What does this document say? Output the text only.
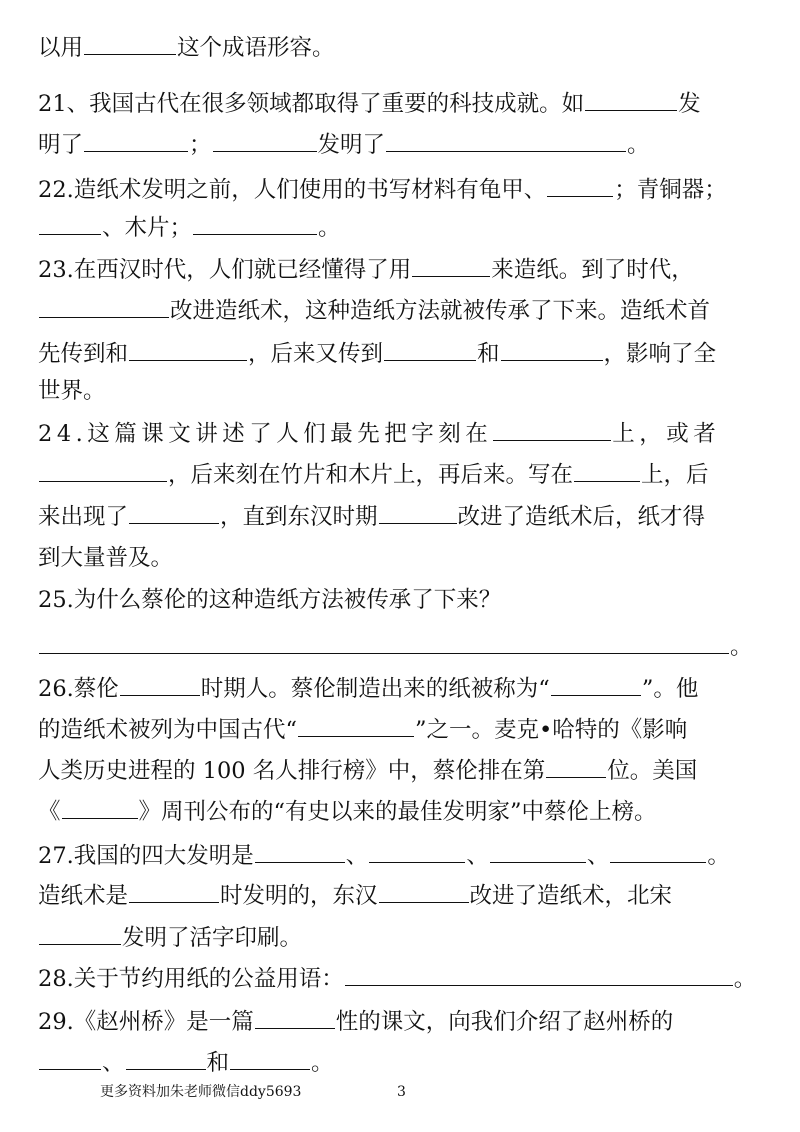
以用	这个成语形容。
21、我国古代在很多领域都取得了重要的科技成就。如	发
明了	；	发明了	。
22.造纸术发明之前，人们使用的书写材料有龟甲、	；青铜器；
、木片；	。
23.在西汉时代，人们就已经懂得了用	来造纸。到了时代，
改进造纸术，这种造纸方法就被传承了下来。造纸术首
先传到和	，后来又传到	和	，影响了全
世界。
24.这篇课文讲述了人们最先把字刻在	上，或者
，后来刻在竹片和木片上，再后来。写在	上，后
来出现了	，直到东汉时期	改进了造纸术后，纸才得
到大量普及。
25.为什么蔡伦的这种造纸方法被传承了下来？
。
26.蔡伦	时期人。蔡伦制造出来的纸被称为“	”。他
的造纸术被列为中国古代“	”之一。麦克•哈特的《影响
人类历史进程的 100 名人排行榜》中，蔡伦排在第	位。美国
《	》周刊公布的“有史以来的最佳发明家”中蔡伦上榜。
27.我国的四大发明是	、	、	、	。
造纸术是	时发明的，东汉	改进了造纸术，北宋
发明了活字印刷。
28.关于节约用纸的公益用语：	。
29.《赵州桥》是一篇	性的课文，向我们介绍了赵州桥的
、	和	。
更多资料加朱老师微信ddy5693	3
